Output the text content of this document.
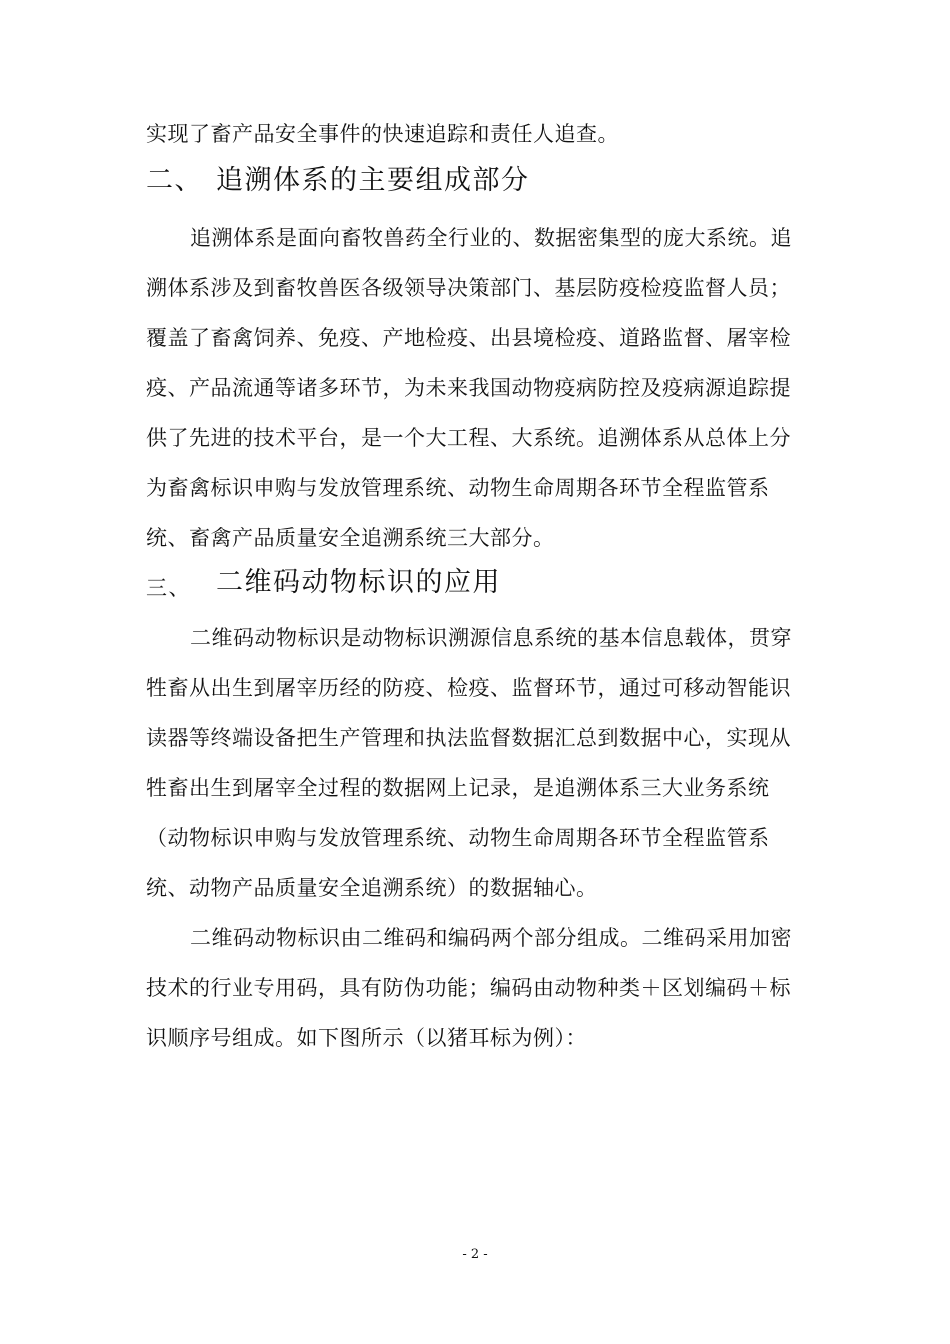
实现了畜产品安全事件的快速追踪和责任人追查。
二、 追溯体系的主要组成部分
追溯体系是面向畜牧兽药全行业的、数据密集型的庞大系统。追
溯体系涉及到畜牧兽医各级领导决策部门、基层防疫检疫监督人员；
覆盖了畜禽饲养、免疫、产地检疫、出县境检疫、道路监督、屠宰检
疫、产品流通等诸多环节，为未来我国动物疫病防控及疫病源追踪提
供了先进的技术平台，是一个大工程、大系统。追溯体系从总体上分
为畜禽标识申购与发放管理系统、动物生命周期各环节全程监管系
统、畜禽产品质量安全追溯系统三大部分。
三、 二维码动物标识的应用
二维码动物标识是动物标识溯源信息系统的基本信息载体，贯穿
牲畜从出生到屠宰历经的防疫、检疫、监督环节，通过可移动智能识
读器等终端设备把生产管理和执法监督数据汇总到数据中心，实现从
牲畜出生到屠宰全过程的数据网上记录，是追溯体系三大业务系统
（动物标识申购与发放管理系统、动物生命周期各环节全程监管系
统、动物产品质量安全追溯系统）的数据轴心。
二维码动物标识由二维码和编码两个部分组成。二维码采用加密
技术的行业专用码，具有防伪功能；编码由动物种类＋区划编码＋标
识顺序号组成。如下图所示（以猪耳标为例）：
- 2 -
